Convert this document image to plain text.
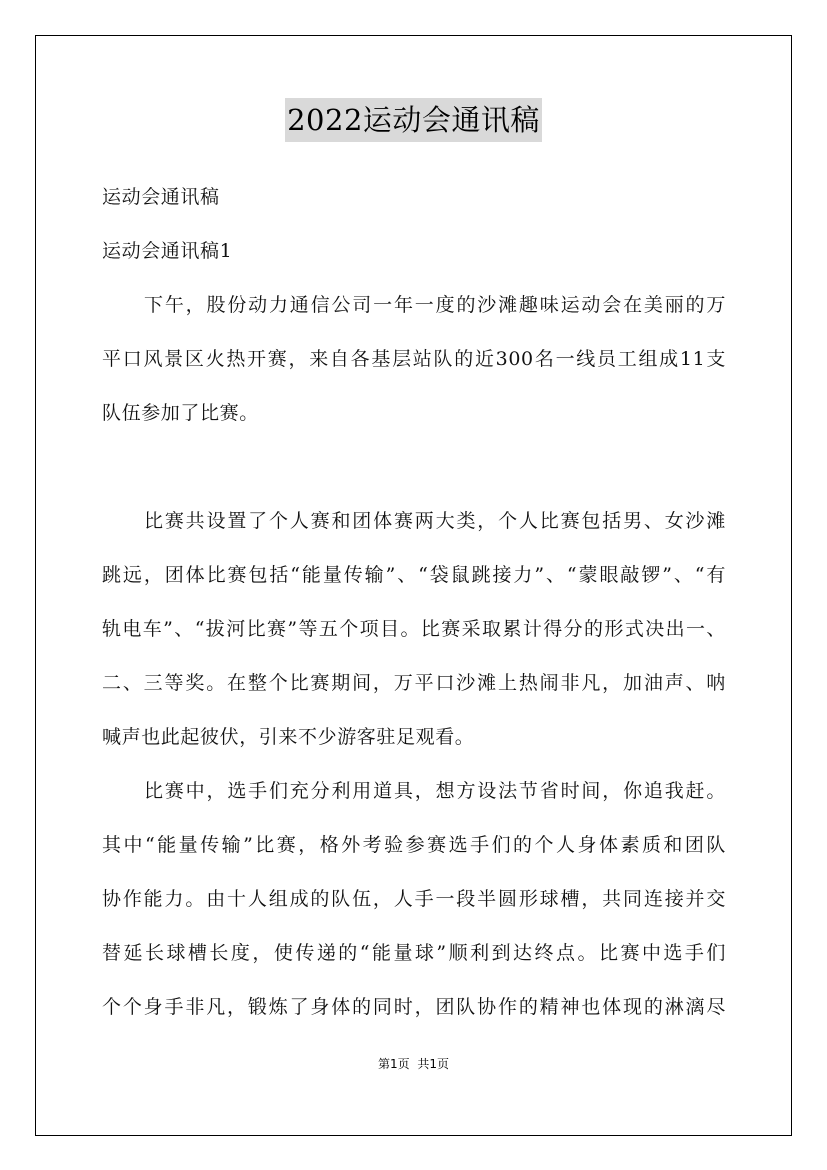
2022运动会通讯稿
运动会通讯稿
运动会通讯稿1
下午，股份动力通信公司一年一度的沙滩趣味运动会在美丽的万
平口风景区火热开赛，来自各基层站队的近300名一线员工组成11支
队伍参加了比赛。
比赛共设置了个人赛和团体赛两大类，个人比赛包括男、女沙滩
跳远，团体比赛包括“能量传输”、“袋鼠跳接力”、“蒙眼敲锣”、“有
轨电车”、“拔河比赛”等五个项目。比赛采取累计得分的形式决出一、
二、三等奖。在整个比赛期间，万平口沙滩上热闹非凡，加油声、呐
喊声也此起彼伏，引来不少游客驻足观看。
比赛中，选手们充分利用道具，想方设法节省时间，你追我赶。
其中“能量传输”比赛，格外考验参赛选手们的个人身体素质和团队
协作能力。由十人组成的队伍，人手一段半圆形球槽，共同连接并交
替延长球槽长度，使传递的“能量球”顺利到达终点。比赛中选手们
个个身手非凡，锻炼了身体的同时，团队协作的精神也体现的淋漓尽
第1页 共1页
